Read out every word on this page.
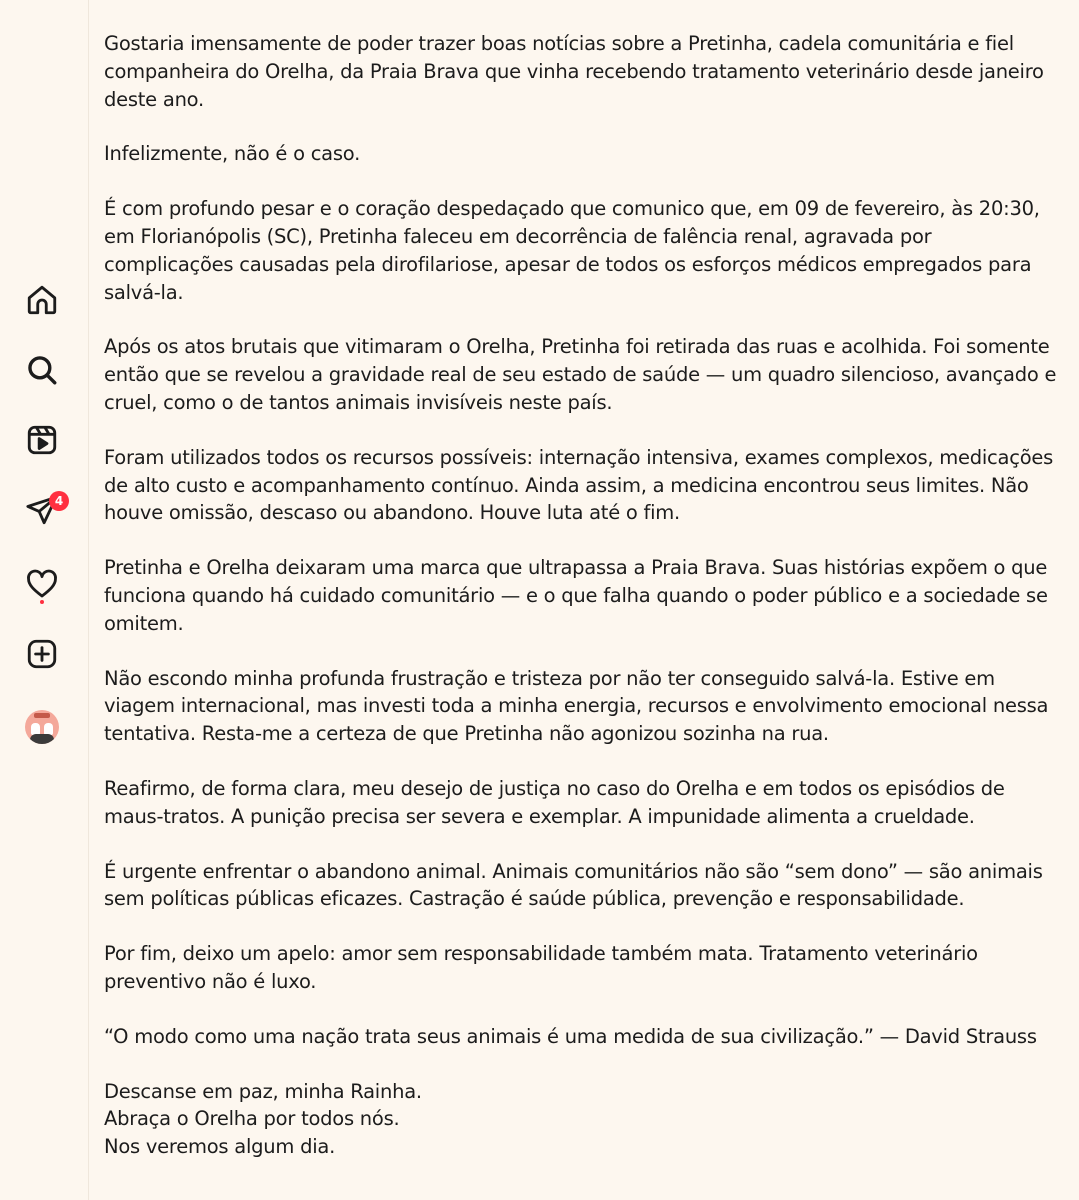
4

Gostaria imensamente de poder trazer boas notícias sobre a Pretinha, cadela comunitária e fiel companheira do Orelha, da Praia Brava que vinha recebendo tratamento veterinário desde janeiro deste ano.

Infelizmente, não é o caso.

É com profundo pesar e o coração despedaçado que comunico que, em 09 de fevereiro, às 20:30, em Florianópolis (SC), Pretinha faleceu em decorrência de falência renal, agravada por complicações causadas pela dirofilariose, apesar de todos os esforços médicos empregados para salvá-la.

Após os atos brutais que vitimaram o Orelha, Pretinha foi retirada das ruas e acolhida. Foi somente então que se revelou a gravidade real de seu estado de saúde — um quadro silencioso, avançado e cruel, como o de tantos animais invisíveis neste país.

Foram utilizados todos os recursos possíveis: internação intensiva, exames complexos, medicações de alto custo e acompanhamento contínuo. Ainda assim, a medicina encontrou seus limites. Não houve omissão, descaso ou abandono. Houve luta até o fim.

Pretinha e Orelha deixaram uma marca que ultrapassa a Praia Brava. Suas histórias expõem o que funciona quando há cuidado comunitário — e o que falha quando o poder público e a sociedade se omitem.

Não escondo minha profunda frustração e tristeza por não ter conseguido salvá-la. Estive em viagem internacional, mas investi toda a minha energia, recursos e envolvimento emocional nessa tentativa. Resta-me a certeza de que Pretinha não agonizou sozinha na rua.

Reafirmo, de forma clara, meu desejo de justiça no caso do Orelha e em todos os episódios de maus-tratos. A punição precisa ser severa e exemplar. A impunidade alimenta a crueldade.

É urgente enfrentar o abandono animal. Animais comunitários não são “sem dono” — são animais sem políticas públicas eficazes. Castração é saúde pública, prevenção e responsabilidade.

Por fim, deixo um apelo: amor sem responsabilidade também mata. Tratamento veterinário preventivo não é luxo.

“O modo como uma nação trata seus animais é uma medida de sua civilização.” — David Strauss

Descanse em paz, minha Rainha.
Abraça o Orelha por todos nós.
Nos veremos algum dia.
